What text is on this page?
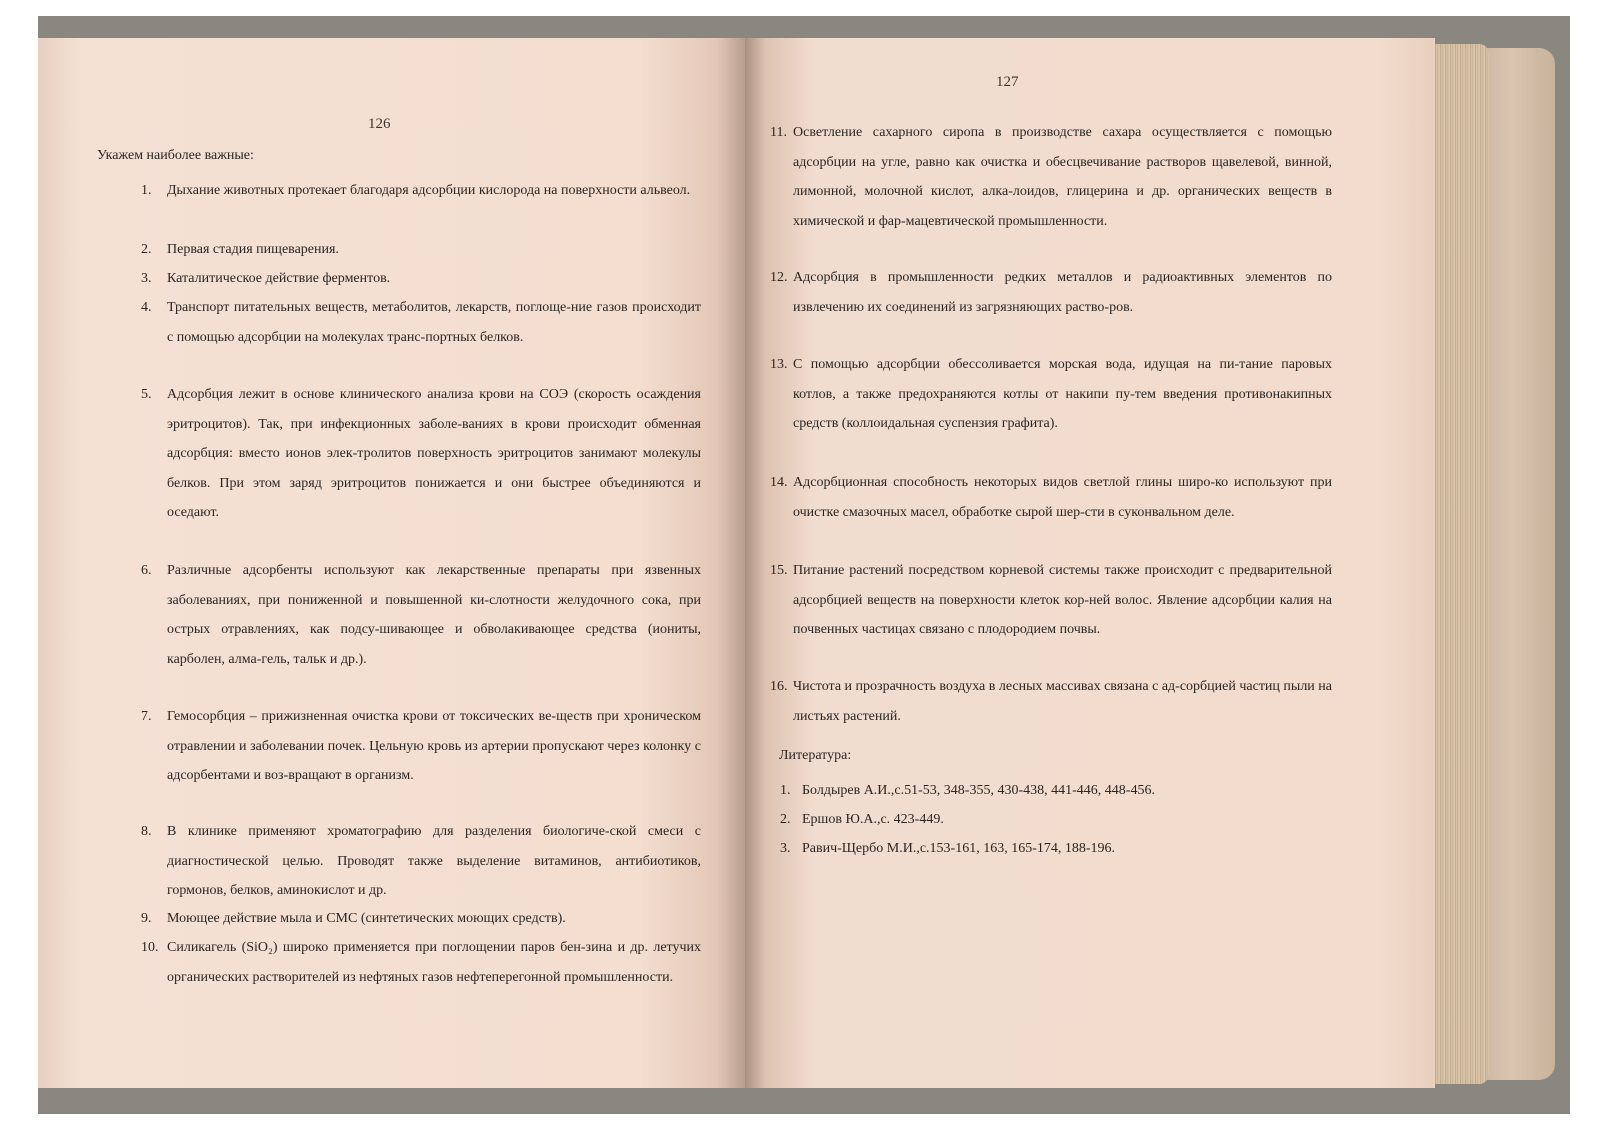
126
Укажем наиболее важные:
1. Дыхание животных протекает благодаря адсорбции кислорода на поверхности альвеол.
2. Первая стадия пищеварения.
3. Каталитическое действие ферментов.
4. Транспорт питательных веществ, метаболитов, лекарств, поглоще-ние газов происходит с помощью адсорбции на молекулах транс-портных белков.
5. Адсорбция лежит в основе клинического анализа крови на СОЭ (скорость осаждения эритроцитов). Так, при инфекционных заболе-ваниях в крови происходит обменная адсорбция: вместо ионов элек-тролитов поверхность эритроцитов занимают молекулы белков. При этом заряд эритроцитов понижается и они быстрее объединяются и оседают.
6. Различные адсорбенты используют как лекарственные препараты при язвенных заболеваниях, при пониженной и повышенной ки-слотности желудочного сока, при острых отравлениях, как подсу-шивающее и обволакивающее средства (иониты, карболен, алма-гель, тальк и др.).
7. Гемосорбция – прижизненная очистка крови от токсических ве-ществ при хроническом отравлении и заболевании почек. Цельную кровь из артерии пропускают через колонку с адсорбентами и воз-вращают в организм.
8. В клинике применяют хроматографию для разделения биологиче-ской смеси с диагностической целью. Проводят также выделение витаминов, антибиотиков, гормонов, белков, аминокислот и др.
9. Моющее действие мыла и СМС (синтетических моющих средств).
10. Силикагель (SiO₂) широко применяется при поглощении паров бен-зина и др. летучих органических растворителей из нефтяных газов нефтеперегонной промышленности.
127
11. Осветление сахарного сиропа в производстве сахара осуществляется с помощью адсорбции на угле, равно как очистка и обесцвечивание растворов щавелевой, винной, лимонной, молочной кислот, алка-лоидов, глицерина и др. органических веществ в химической и фар-мацевтической промышленности.
12. Адсорбция в промышленности редких металлов и радиоактивных элементов по извлечению их соединений из загрязняющих раство-ров.
13. С помощью адсорбции обессоливается морская вода, идущая на пи-тание паровых котлов, а также предохраняются котлы от накипи пу-тем введения противонакипных средств (коллоидальная суспензия графита).
14. Адсорбционная способность некоторых видов светлой глины широ-ко используют при очистке смазочных масел, обработке сырой шер-сти в суконвальном деле.
15. Питание растений посредством корневой системы также происходит с предварительной адсорбцией веществ на поверхности клеток кор-ней волос. Явление адсорбции калия на почвенных частицах связано с плодородием почвы.
16. Чистота и прозрачность воздуха в лесных массивах связана с ад-сорбцией частиц пыли на листьях растений.
Литература:
1. Болдырев А.И.,с.51-53, 348-355, 430-438, 441-446, 448-456.
2. Ершов Ю.А.,с. 423-449.
3. Равич-Щербо М.И.,с.153-161, 163, 165-174, 188-196.
